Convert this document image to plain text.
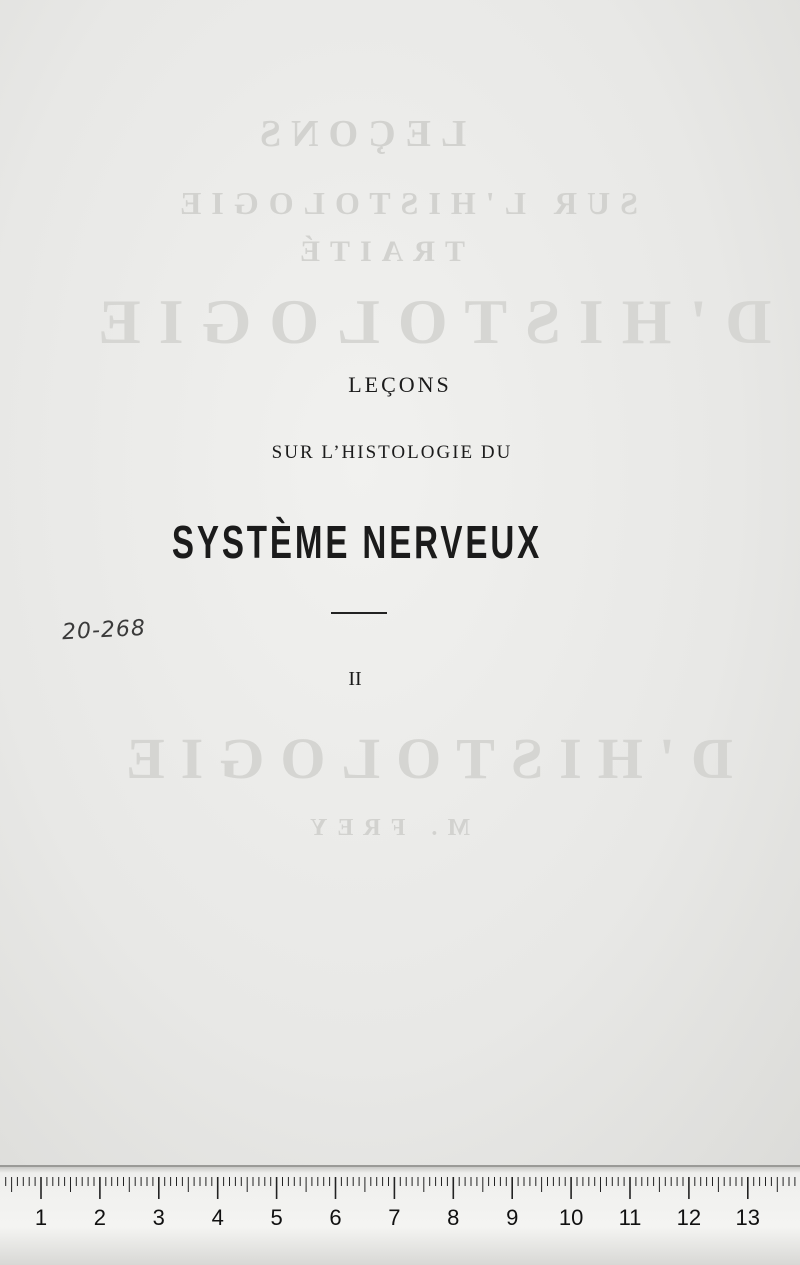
LEÇONS
SUR L'HISTOLOGIE
TRAITÉ
D'HISTOLOGIE
D'HISTOLOGIE
M. FREY
LEÇONS
SUR L’HISTOLOGIE DU
SYSTÈME NERVEUX
II
20-268
1 2 3 4 5 6 7 8 9 10 11 12 13
